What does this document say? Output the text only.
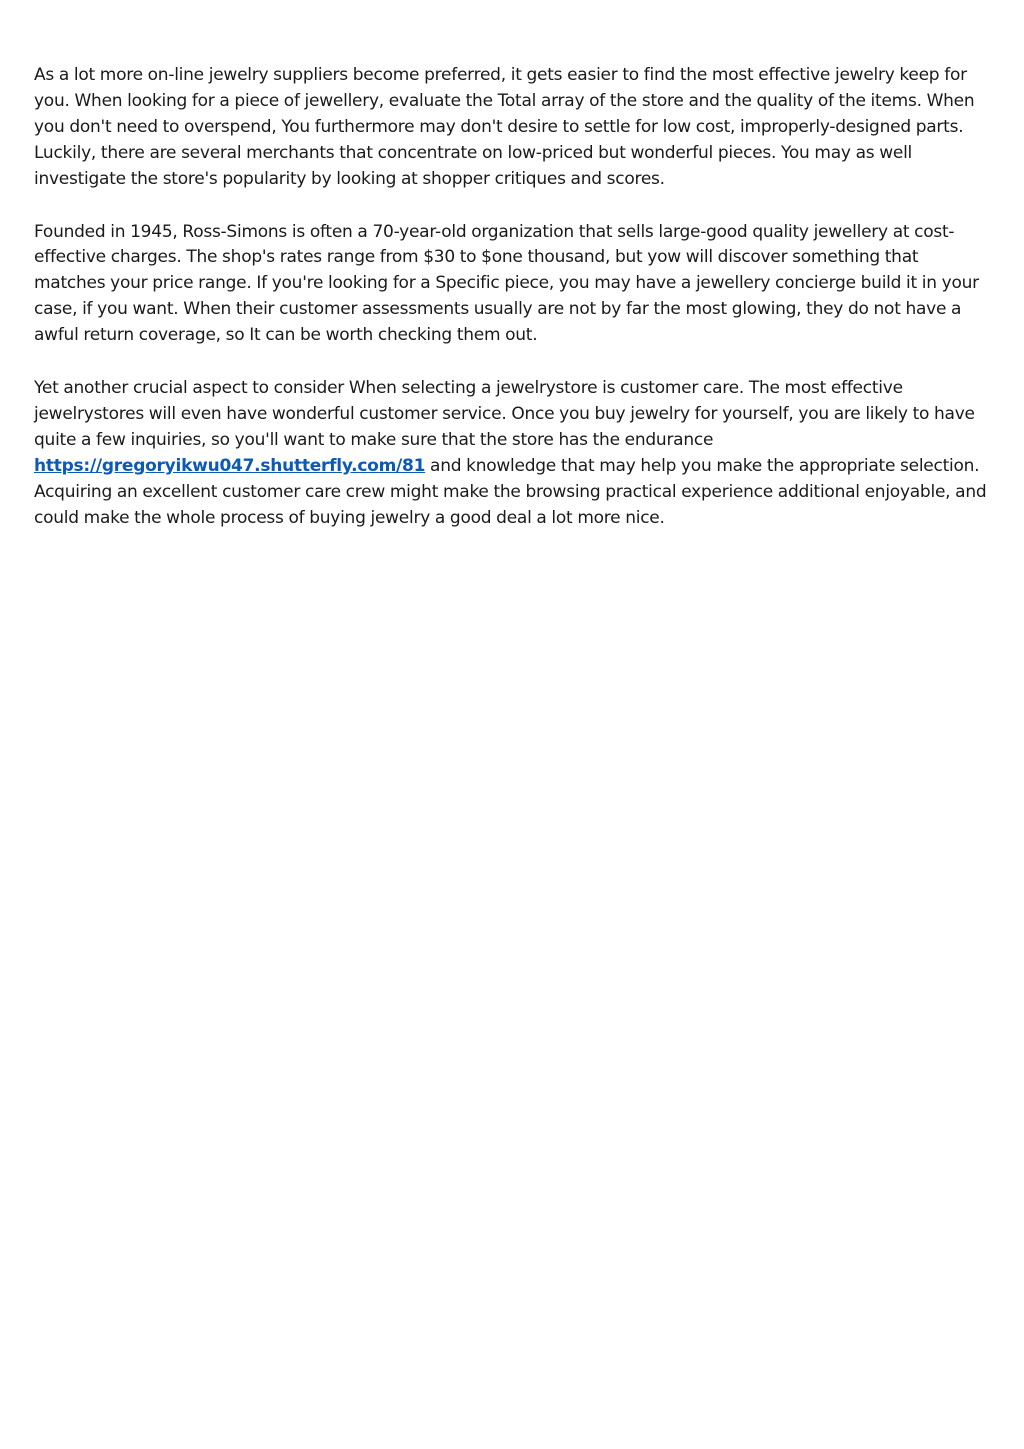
As a lot more on-line jewelry suppliers become preferred, it gets easier to find the most effective jewelry keep for you. When looking for a piece of jewellery, evaluate the Total array of the store and the quality of the items. When you don't need to overspend, You furthermore may don't desire to settle for low cost, improperly-designed parts. Luckily, there are several merchants that concentrate on low-priced but wonderful pieces. You may as well investigate the store's popularity by looking at shopper critiques and scores.

Founded in 1945, Ross-Simons is often a 70-year-old organization that sells large-good quality jewellery at cost-effective charges. The shop's rates range from $30 to $one thousand, but yow will discover something that matches your price range. If you're looking for a Specific piece, you may have a jewellery concierge build it in your case, if you want. When their customer assessments usually are not by far the most glowing, they do not have a awful return coverage, so It can be worth checking them out.

Yet another crucial aspect to consider When selecting a jewelrystore is customer care. The most effective jewelrystores will even have wonderful customer service. Once you buy jewelry for yourself, you are likely to have quite a few inquiries, so you'll want to make sure that the store has the endurance https://gregoryikwu047.shutterfly.com/81 and knowledge that may help you make the appropriate selection. Acquiring an excellent customer care crew might make the browsing practical experience additional enjoyable, and could make the whole process of buying jewelry a good deal a lot more nice.
